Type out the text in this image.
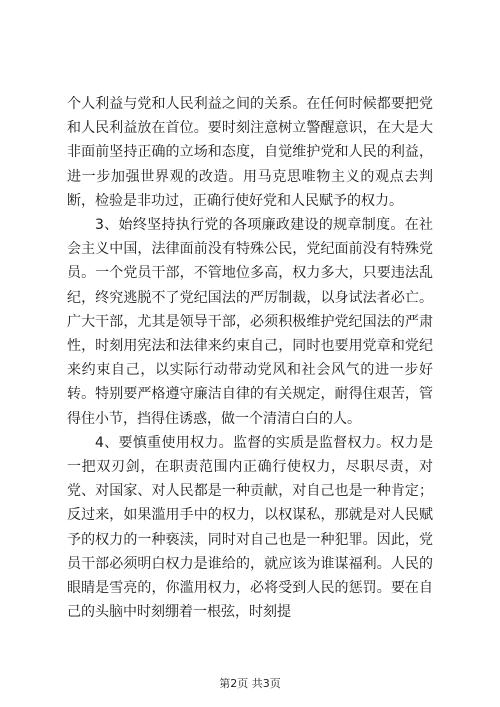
个人利益与党和人民利益之间的关系。在任何时候都要把党和人民利益放在首位。要时刻注意树立警醒意识，在大是大非面前坚持正确的立场和态度，自觉维护党和人民的利益，进一步加强世界观的改造。用马克思唯物主义的观点去判断，检验是非功过，正确行使好党和人民赋予的权力。

3、始终坚持执行党的各项廉政建设的规章制度。在社会主义中国，法律面前没有特殊公民，党纪面前没有特殊党员。一个党员干部，不管地位多高，权力多大，只要违法乱纪，终究逃脱不了党纪国法的严厉制裁，以身试法者必亡。广大干部，尤其是领导干部，必须积极维护党纪国法的严肃性，时刻用宪法和法律来约束自己，同时也要用党章和党纪来约束自己，以实际行动带动党风和社会风气的进一步好转。特别要严格遵守廉洁自律的有关规定，耐得住艰苦，管得住小节，挡得住诱惑，做一个清清白白的人。

4、要慎重使用权力。监督的实质是监督权力。权力是一把双刃剑，在职责范围内正确行使权力，尽职尽责，对党、对国家、对人民都是一种贡献，对自己也是一种肯定；反过来，如果滥用手中的权力，以权谋私，那就是对人民赋予的权力的一种亵渎，同时对自己也是一种犯罪。因此，党员干部必须明白权力是谁给的，就应该为谁谋福利。人民的眼睛是雪亮的，你滥用权力，必将受到人民的惩罚。要在自己的头脑中时刻绷着一根弦，时刻提

第2页 共3页
